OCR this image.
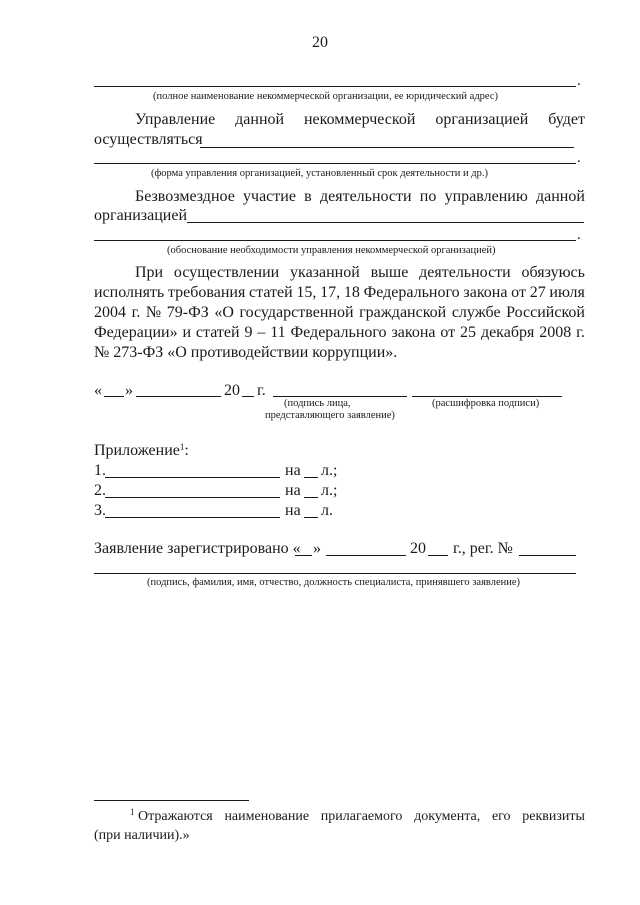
20
.
(полное наименование некоммерческой организации, ее юридический адрес)
Управление данной некоммерческой организацией будет
осуществляться
.
(форма управления организацией, установленный срок деятельности и др.)
Безвозмездное участие в деятельности по управлению данной
организацией
.
(обоснование необходимости управления некоммерческой организацией)
При осуществлении указанной выше деятельности обязуюсь
исполнять требования статей 15, 17, 18 Федерального закона от 27 июля
2004 г. № 79-ФЗ «О государственной гражданской службе Российской
Федерации» и статей 9 – 11 Федерального закона от 25 декабря 2008 г.
№ 273-ФЗ «О противодействии коррупции».
« »	20 г.
(подпись лица,
представляющего заявление)
(расшифровка подписи)
Приложение$^1$:
1.	на л.;
2.	на л.;
3.	на л.
Заявление зарегистрировано « »	20 г., рег. №
(подпись, фамилия, имя, отчество, должность специалиста, принявшего заявление)
$^1$ Отражаются наименование прилагаемого документа, его реквизиты
(при наличии).»
